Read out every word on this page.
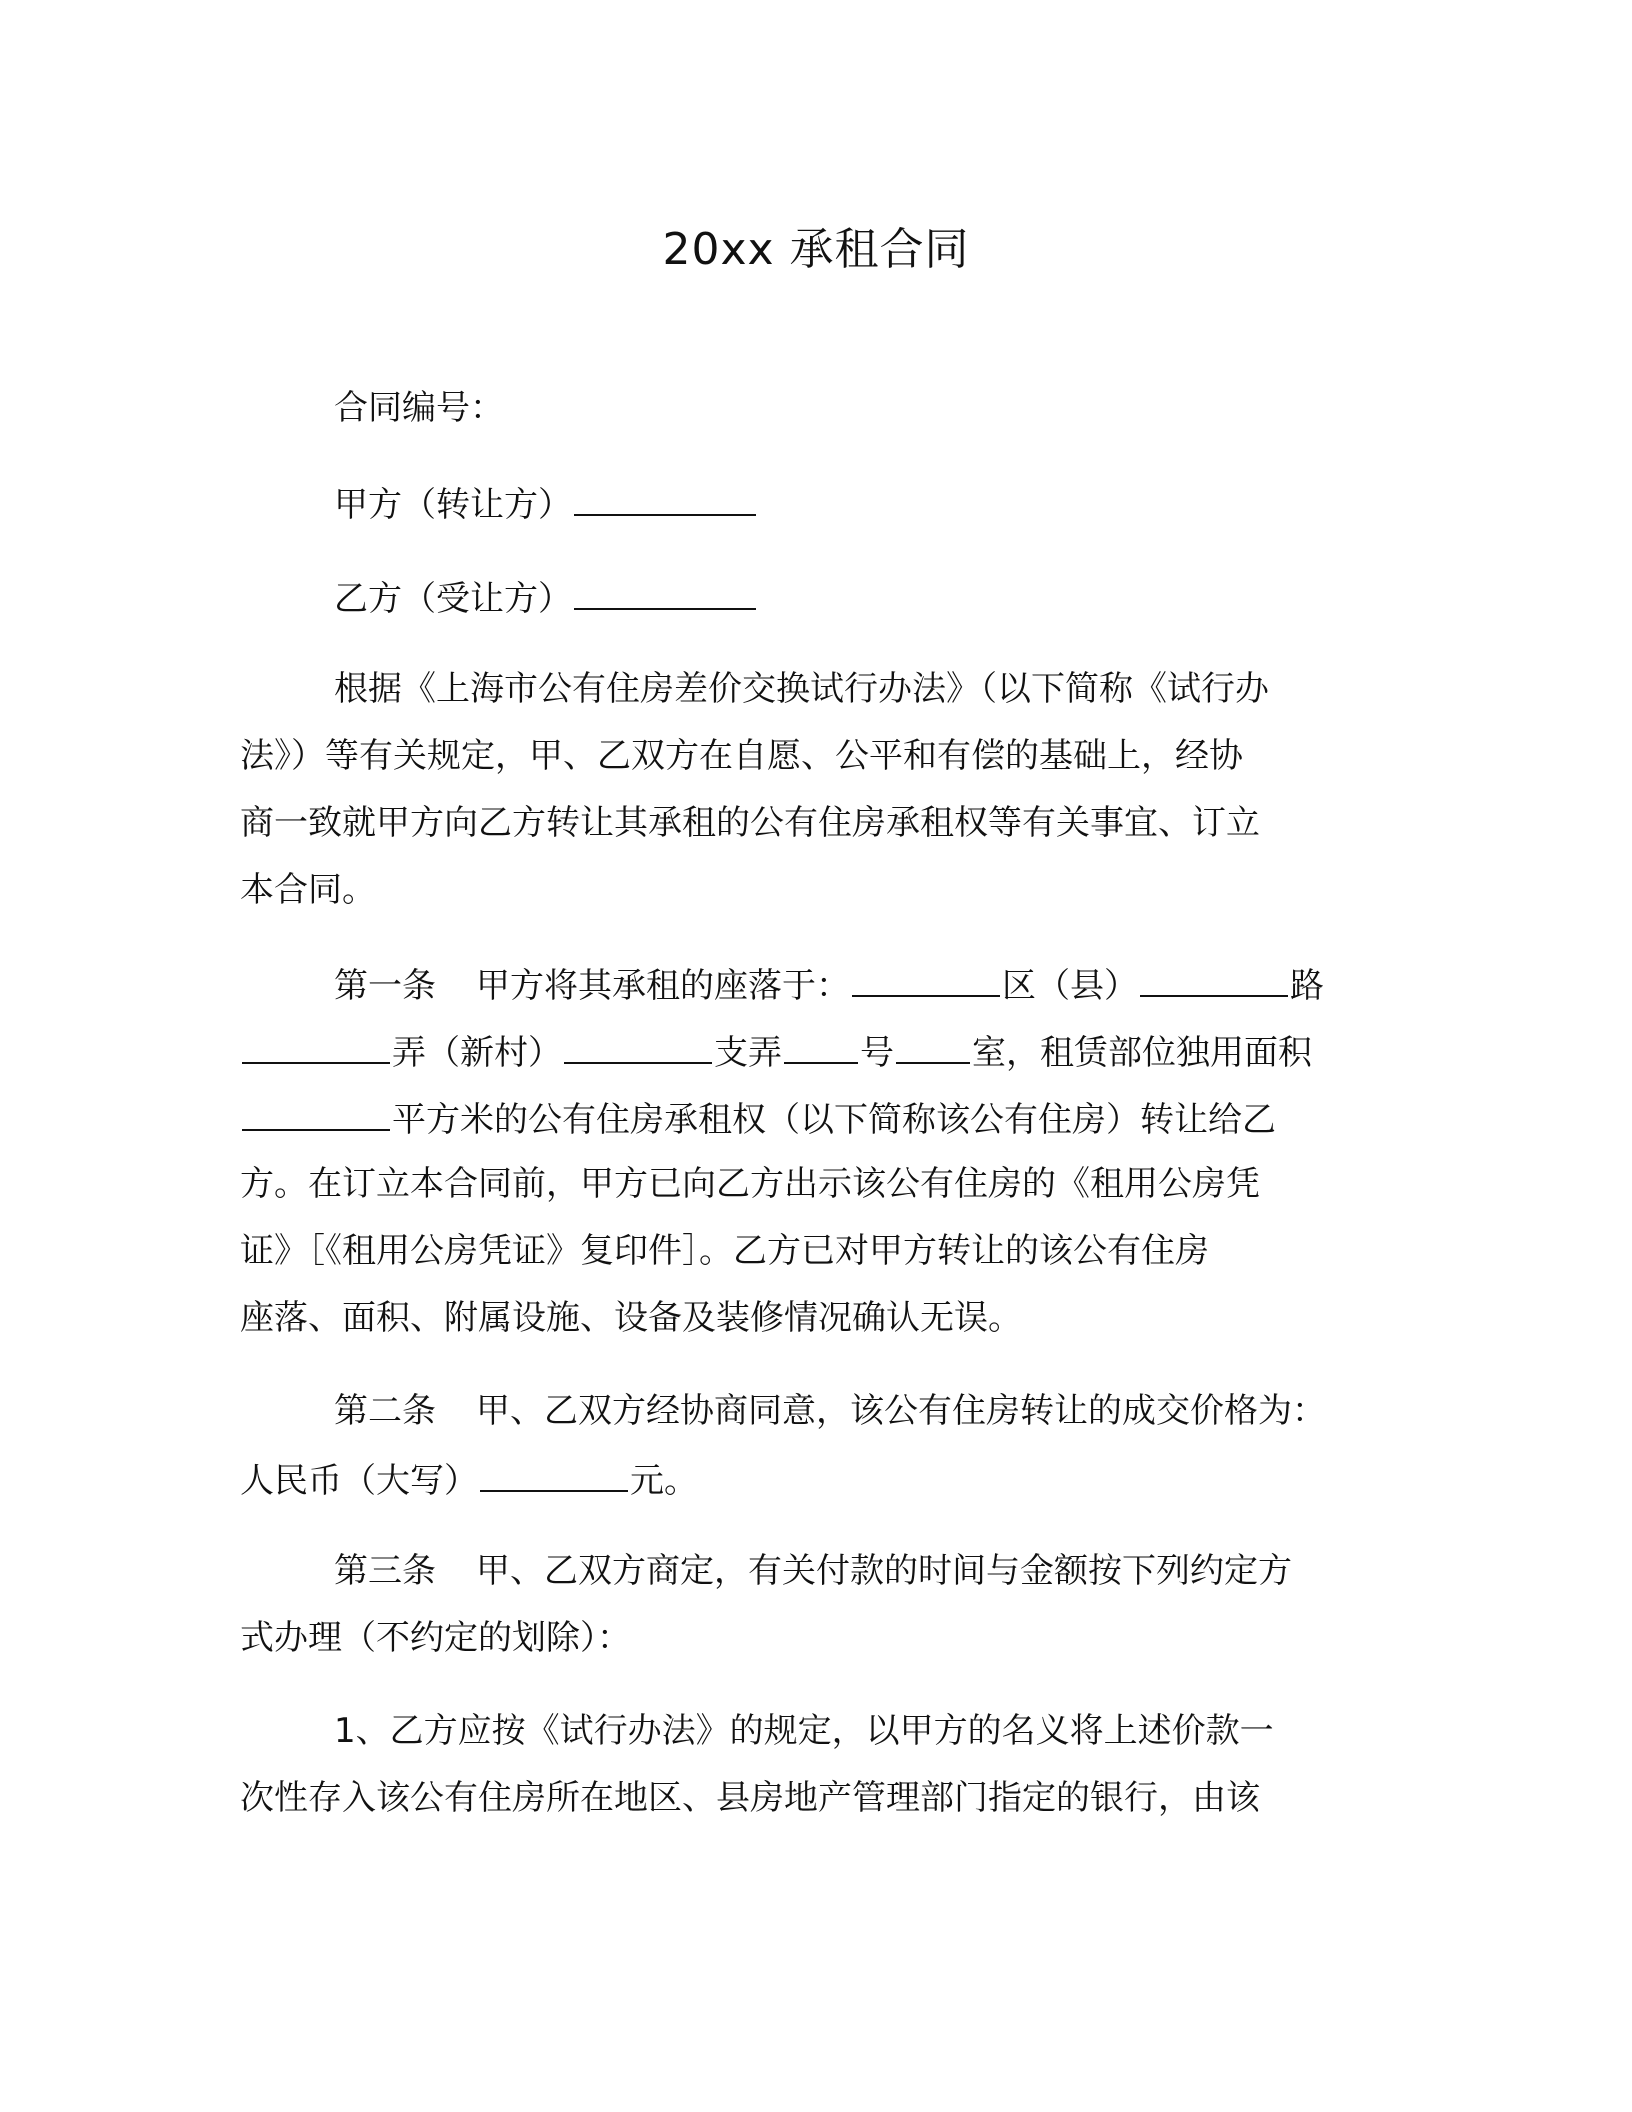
20xx 承租合同
合同编号：
甲方（转让方）
乙方（受让方）
根据《上海市公有住房差价交换试行办法》（以下简称《试行办
法》）等有关规定，甲、乙双方在自愿、公平和有偿的基础上，经协
商一致就甲方向乙方转让其承租的公有住房承租权等有关事宜、订立
本合同。
第一条 甲方将其承租的座落于：	区（县）	路
弄（新村）	支弄 号 室，租赁部位独用面积
平方米的公有住房承租权（以下简称该公有住房）转让给乙
方。在订立本合同前，甲方已向乙方出示该公有住房的《租用公房凭
证》［《租用公房凭证》复印件］。乙方已对甲方转让的该公有住房
座落、面积、附属设施、设备及装修情况确认无误。
第二条 甲、乙双方经协商同意，该公有住房转让的成交价格为：
人民币（大写）	元。
第三条 甲、乙双方商定，有关付款的时间与金额按下列约定方
式办理（不约定的划除）：
1、乙方应按《试行办法》的规定，以甲方的名义将上述价款一
次性存入该公有住房所在地区、县房地产管理部门指定的银行，由该
